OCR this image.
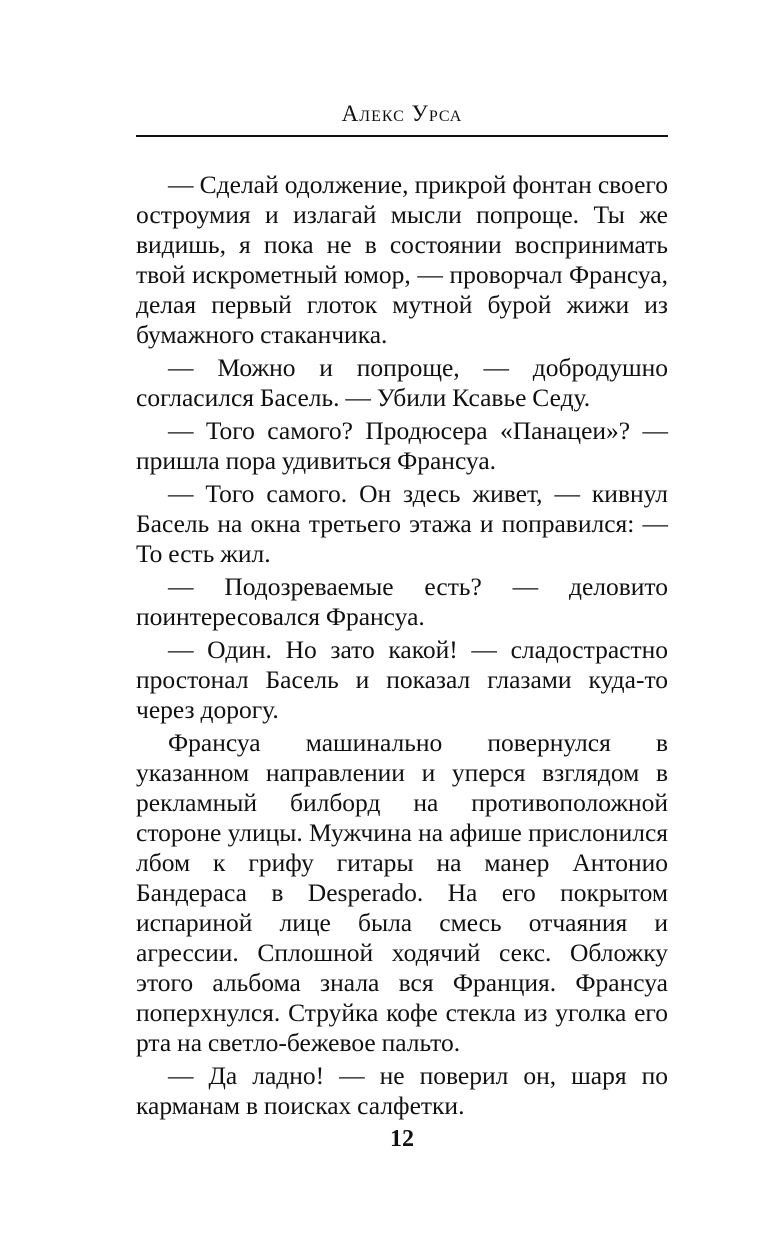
Алекс Урса

— Сделай одолжение, прикрой фонтан своего остроумия и излагай мысли попроще. Ты же видишь, я пока не в состоянии воспринимать твой искрометный юмор, — проворчал Франсуа, делая первый глоток мутной бурой жижи из бумажного стаканчика.

— Можно и попроще, — добродушно согласился Басель. — Убили Ксавье Седу.

— Того самого? Продюсера «Панацеи»? — пришла пора удивиться Франсуа.

— Того самого. Он здесь живет, — кивнул Басель на окна третьего этажа и поправился: — То есть жил.

— Подозреваемые есть? — деловито поинтересовался Франсуа.

— Один. Но зато какой! — сладострастно простонал Басель и показал глазами куда-то через дорогу.

Франсуа машинально повернулся в указанном направлении и уперся взглядом в рекламный билборд на противоположной стороне улицы. Мужчина на афише прислонился лбом к грифу гитары на манер Антонио Бандераса в Desperado. На его покрытом испариной лице была смесь отчаяния и агрессии. Сплошной ходячий секс. Обложку этого альбома знала вся Франция. Франсуа поперхнулся. Струйка кофе стекла из уголка его рта на светло-бежевое пальто.

— Да ладно! — не поверил он, шаря по карманам в поисках салфетки.

12
